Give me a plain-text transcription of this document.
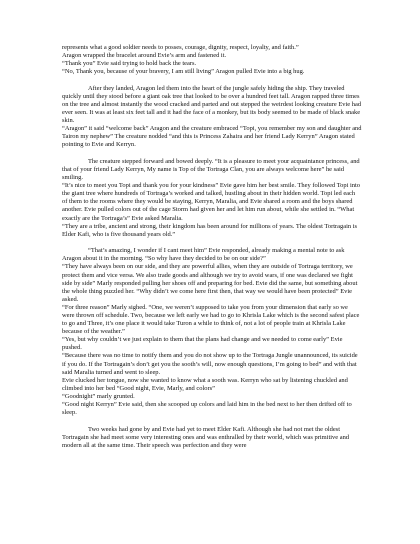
represents what a good soldier needs to posses, courage, dignity, respect, loyalty, and faith.”

Aragon wrapped the bracelet around Evie’s arm and fastened it.

“Thank you” Evie said trying to hold back the tears.

“No, Thank you, because of your bravery, I am still living” Aragon pulled Evie into a big hug.

After they landed, Aragon led them into the heart of the jungle safely hiding the ship. They traveled quickly until they stood before a giant oak tree that looked to be over a hundred feet tall. Aragon rapped three times on the tree and almost instantly the wood cracked and parted and out stepped the weirdest looking creature Evie had ever seen. It was at least six feet tall and it had the face of a monkey, but its body seemed to be made of black snake skin.

“Aragon” it said “welcome back” Aragon and the creature embraced “Topi, you remember my son and daughter and Tairon my nephew” The creature nodded “and this is Princess Zahaira and her friend Lady Kerryn” Aragon stated pointing to Evie and Kerryn.

The creature stepped forward and bowed deeply. “It is a pleasure to meet your acquaintance princess, and that of your friend Lady Kerryn, My name is Top of the Tortraga Clan, you are always welcome here” he said smiling.

“It’s nice to meet you Topi and thank you for your kindness” Evie gave him her best smile. They followed Topi into the giant tree where hundreds of Tortraga’s worked and talked, hustling about in their hidden world. Topi led each of them to the rooms where they would be staying, Kerryn, Maralia, and Evie shared a room and the boys shared another. Evie pulled colors out of the cage Storm had given her and let him run about, while she settled in. “What exactly are the Tortraga’s” Evie asked Maralia.

“They are a tribe, ancient and strong, their kingdom has been around for millions of years. The oldest Tortragain is Elder Kafi, who is five thousand years old.”

“That’s amazing, I wonder if I cant meet him” Evie responded, already making a mental note to ask Aragon about it in the morning. “So why have they decided to be on our side?”

“They have always been on our side, and they are powerful allies, when they are outside of Tortraga territory, we protect them and vice versa. We also trade goods and although we try to avoid wars, if one was declared we fight side by side” Marly responded pulling her shoes off and preparing for bed. Evie did the same, but something about the whole thing puzzled her. “Why didn’t we come here first then, that way we would have been protected” Evie asked.

“For three reason” Marly sighed. “One, we weren’t supposed to take you from your dimension that early so we were thrown off schedule. Two, because we left early we had to go to Khrisla Lake which is the second safest place to go and Three, it’s one place it would take Turon a while to think of, not a lot of people train at Khrisla Lake because of the weather.”

“Yes, but why couldn’t we just explain to them that the plans had change and we needed to come early” Evie pushed.

“Because there was no time to notify them and you do not show up to the Tortraga Jungle unannounced, its suicide if you do. If the Tortragain’s don’t get you the sooth’s will, now enough questions, I’m going to bed” and with that said Maralia turned and went to sleep.

Evie clucked her tongue, now she wanted to know what a sooth was. Kerryn who sat by listening chuckled and climbed into her bed “Good night, Evie, Marly, and colors”

“Goodnight” marly grunted.

“Good night Kerryn” Evie said, then she scooped up colors and laid him in the bed next to her then drifted off to sleep.

Two weeks had gone by and Evie had yet to meet Elder Kafi. Although she had not met the oldest Tortragain she had meet some very interesting ones and was enthralled by their world, which was primitive and modern all at the same time. Their speech was perfection and they were
